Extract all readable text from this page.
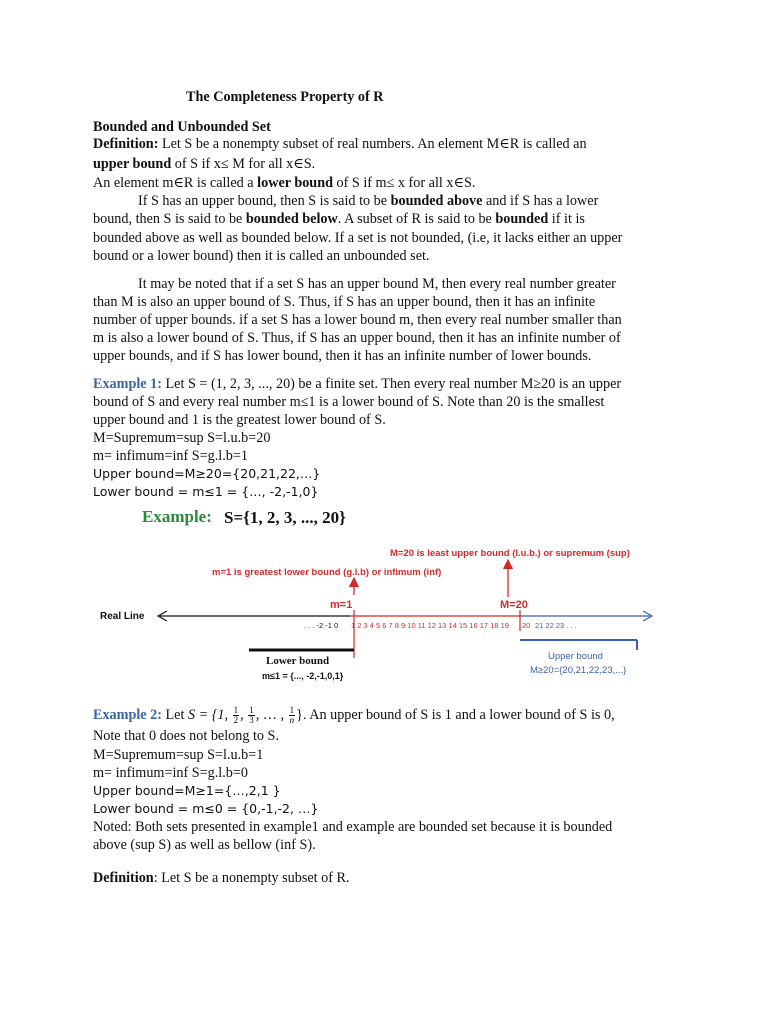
The Completeness Property of R
Bounded and Unbounded Set
Definition: Let S be a nonempty subset of real numbers. An element M∈R is called an
upper bound of S if x≤ M for all x∈S.
An element m∈R is called a lower bound of S if m≤ x for all x∈S.
If S has an upper bound, then S is said to be bounded above and if S has a lower
bound, then S is said to be bounded below. A subset of R is said to be bounded if it is
bounded above as well as bounded below. If a set is not bounded, (i.e, it lacks either an upper
bound or a lower bound) then it is called an unbounded set.
It may be noted that if a set S has an upper bound M, then every real number greater
than M is also an upper bound of S. Thus, if S has an upper bound, then it has an infinite
number of upper bounds. if a set S has a lower bound m, then every real number smaller than
m is also a lower bound of S. Thus, if S has an upper bound, then it has an infinite number of
upper bounds, and if S has lower bound, then it has an infinite number of lower bounds.
Example 1: Let S = (1, 2, 3, ..., 20) be a finite set. Then every real number M≥20 is an upper
bound of S and every real number m≤1 is a lower bound of S. Note than 20 is the smallest
upper bound and 1 is the greatest lower bound of S.
M=Supremum=sup S=l.u.b=20
m= infimum=inf S=g.l.b=1
Upper bound=M≥20={20,21,22,…}
Lower bound = m≤1 = {…, -2,-1,0}
Example: S={1, 2, 3, ..., 20}
M=20 is least upper bound (l.u.b.) or supremum (sup)
m=1 is greatest lower bound (g.l.b) or infimum (inf)
m=1	M=20
Real Line
. . . -2 -1 0 1 2 3 4 5 6 7 8 9 10 11 12 13 14 15 16 17 18 19 20 21 22 23 . . .
Lower bound
m≤1 = {..., -2,-1,0,1}
Upper bound
M≥20={20,21,22,23,...}
Example 2: Let S = {1, $\frac{1}{2}$ , $\frac{1}{3}$ , … , $\frac{1}{n}$ }. An upper bound of S is 1 and a lower bound of S is 0,
Note that 0 does not belong to S.
M=Supremum=sup S=l.u.b=1
m= infimum=inf S=g.l.b=0
Upper bound=M≥1={…,2,1 }
Lower bound = m≤0 = {0,-1,-2, …}
Noted: Both sets presented in example1 and example are bounded set because it is bounded
above (sup S) as well as bellow (inf S).
Definition: Let S be a nonempty subset of R.
